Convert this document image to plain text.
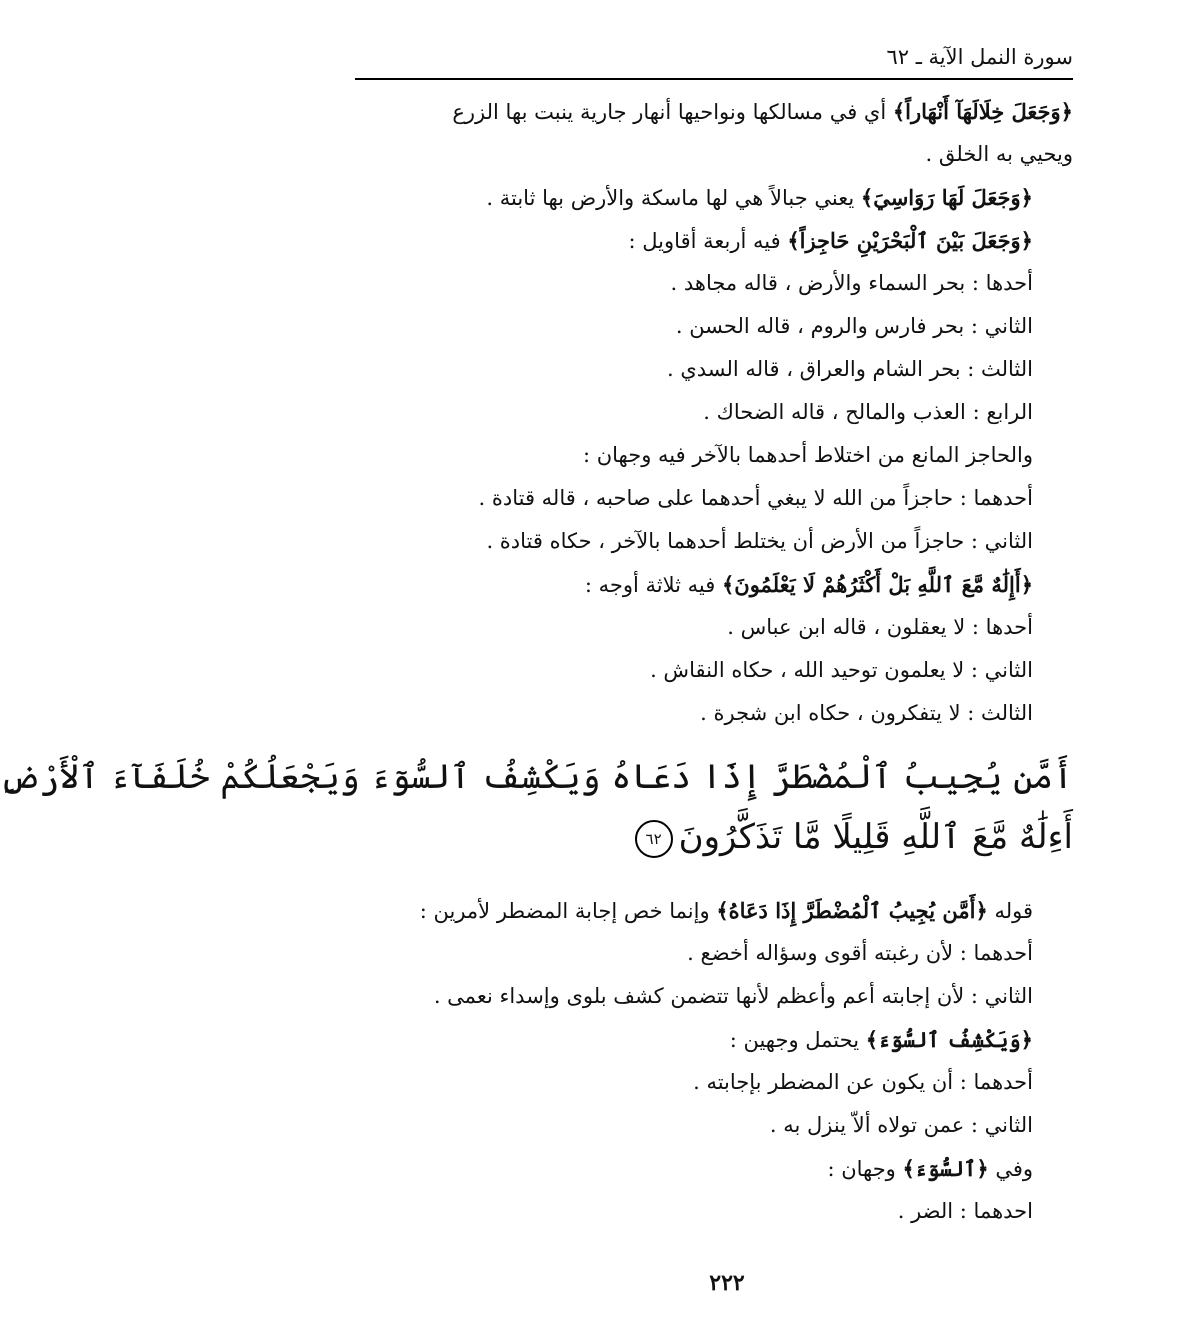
سورة النمل الآية ـ ٦٢
﴿وَجَعَلَ خِلَالَهَآ أَنْهَاراً﴾ أي في مسالكها ونواحيها أنهار جارية ينبت بها الزرع
ويحيي به الخلق .
﴿وَجَعَلَ لَهَا رَوَاسِيَ﴾ يعني جبالاً هي لها ماسكة والأرض بها ثابتة .
﴿وَجَعَلَ بَيْنَ ٱلْبَحْرَيْنِ حَاجِزاً﴾ فيه أربعة أقاويل :
أحدها : بحر السماء والأرض ، قاله مجاهد .
الثاني : بحر فارس والروم ، قاله الحسن .
الثالث : بحر الشام والعراق ، قاله السدي .
الرابع : العذب والمالح ، قاله الضحاك .
والحاجز المانع من اختلاط أحدهما بالآخر فيه وجهان :
أحدهما : حاجزاً من الله لا يبغي أحدهما على صاحبه ، قاله قتادة .
الثاني : حاجزاً من الأرض أن يختلط أحدهما بالآخر ، حكاه قتادة .
﴿أَإِلَٰهٌ مَّعَ ٱللَّهِ بَلْ أَكْثَرُهُمْ لَا يَعْلَمُونَ﴾ فيه ثلاثة أوجه :
أحدها : لا يعقلون ، قاله ابن عباس .
الثاني : لا يعلمون توحيد الله ، حكاه النقاش .
الثالث : لا يتفكرون ، حكاه ابن شجرة .
أَمَّن يُجِيبُ ٱلْمُضْطَرَّ إِذَا دَعَاهُ وَيَكْشِفُ ٱلسُّوٓءَ وَيَجْعَلُكُمْ خُلَفَآءَ ٱلْأَرْضِ
أَءِلَٰهٌ مَّعَ ٱللَّهِ قَلِيلًا مَّا تَذَكَّرُونَ٦٢
قوله ﴿أَمَّن يُجِيبُ ٱلْمُضْطَرَّ إِذَا دَعَاهُ﴾ وإنما خص إجابة المضطر لأمرين :
أحدهما : لأن رغبته أقوى وسؤاله أخضع .
الثاني : لأن إجابته أعم وأعظم لأنها تتضمن كشف بلوى وإسداء نعمى .
﴿وَيَكْشِفُ ٱلسُّوٓءَ﴾ يحتمل وجهين :
أحدهما : أن يكون عن المضطر بإجابته .
الثاني : عمن تولاه ألاّ ينزل به .
وفي ﴿ٱلسُّوٓءَ﴾ وجهان :
احدهما : الضر .
٢٢٢
